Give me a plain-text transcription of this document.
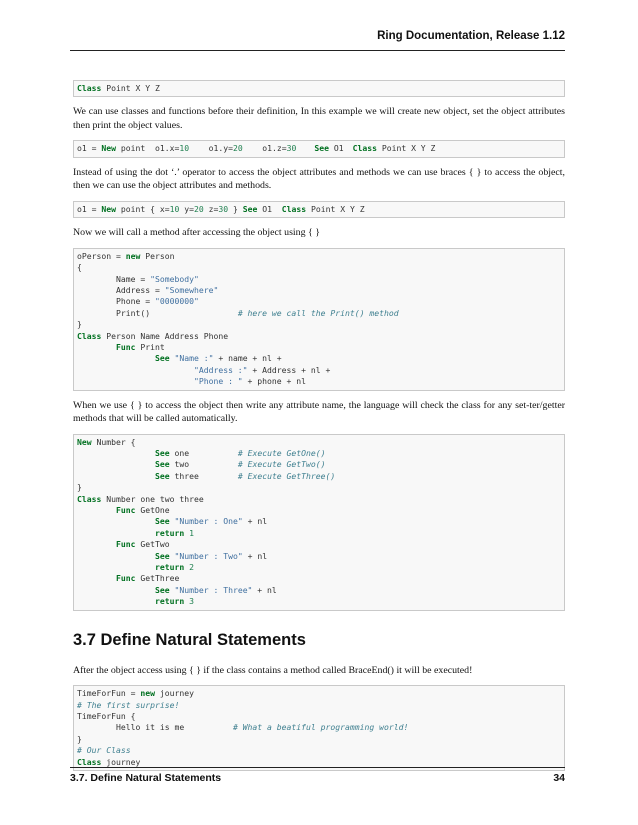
Ring Documentation, Release 1.12
Class Point X Y Z

We can use classes and functions before their definition, In this example we will create new object, set the object attributes then print the object values.

o1 = New point  o1.x=10    o1.y=20    o1.z=30 See O1 Class Point X Y Z

Instead of using the dot ‘.’ operator to access the object attributes and methods we can use braces { } to access the object, then we can use the object attributes and methods.

o1 = New point { x=10 y=20 z=30 } See O1  Class Point X Y Z

Now we will call a method after accessing the object using { }

oPerson = new Person
{
Name = "Somebody"
Address = "Somewhere"
Phone = "0000000"
Print()	# here we call the Print() method
}
Class Person Name Address Phone
Func Print
See "Name :" + name + nl +
"Address :" + Address + nl +
"Phone : " + phone + nl

When we use { } to access the object then write any attribute name, the language will check the class for any set-ter/getter methods that will be called automatically.

New Number {
See one	# Execute GetOne()
See two	# Execute GetTwo()
See three	# Execute GetThree()
}
Class Number one two three
Func GetOne
See "Number : One" + nl
return 1
Func GetTwo
See "Number : Two" + nl
return 2
Func GetThree
See "Number : Three" + nl
return 3
3.7 Define Natural Statements

After the object access using { } if the class contains a method called BraceEnd() it will be executed!

TimeForFun = new journey
# The first surprise!
TimeForFun {
Hello it is me	# What a beatiful programming world!
}
# Our Class
Class journey
3.7. Define Natural Statements	34
